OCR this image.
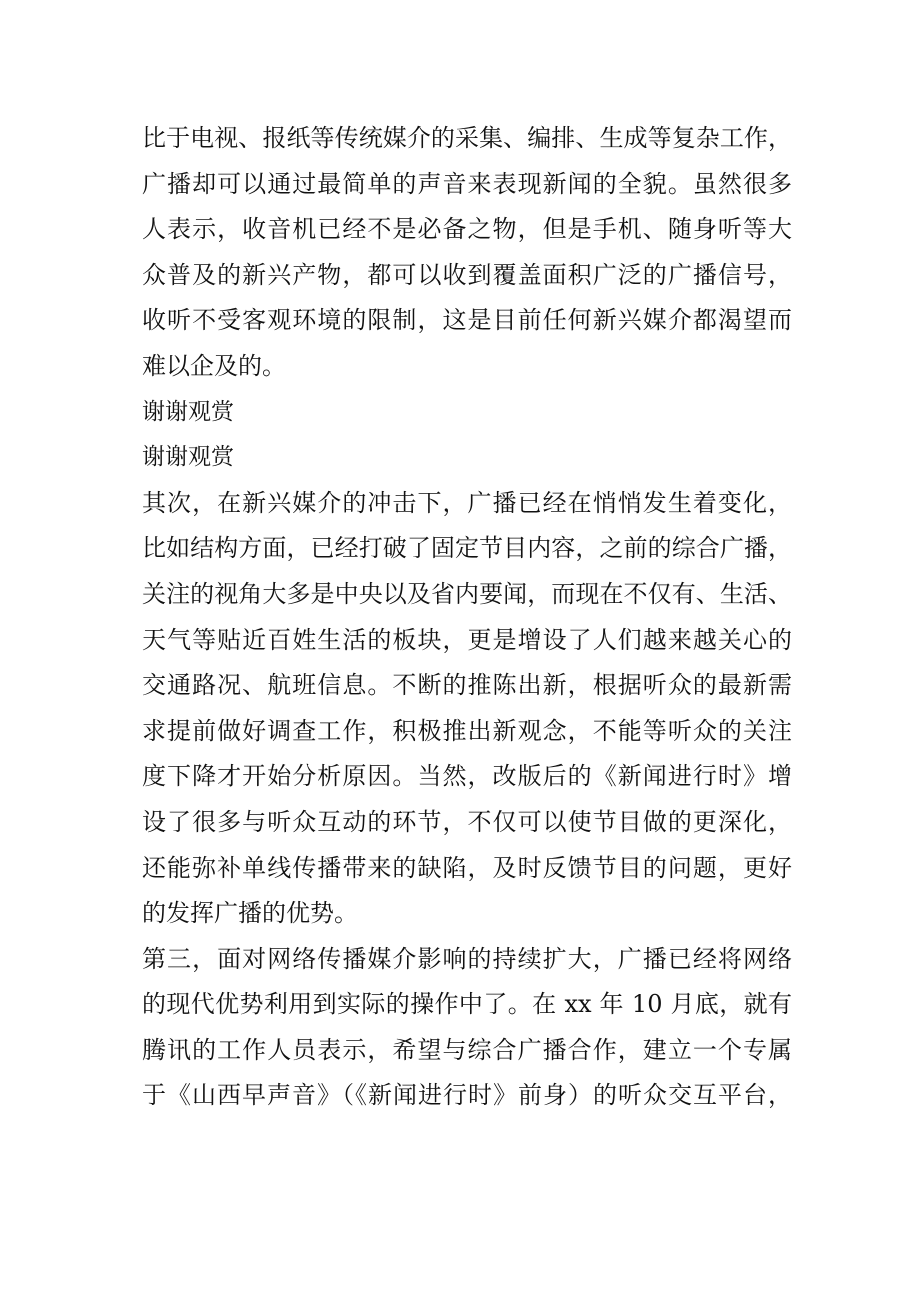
比于电视、报纸等传统媒介的采集、编排、生成等复杂工作，
广播却可以通过最简单的声音来表现新闻的全貌。虽然很多
人表示，收音机已经不是必备之物，但是手机、随身听等大
众普及的新兴产物，都可以收到覆盖面积广泛的广播信号，
收听不受客观环境的限制，这是目前任何新兴媒介都渴望而
难以企及的。
谢谢观赏
谢谢观赏
其次，在新兴媒介的冲击下，广播已经在悄悄发生着变化，
比如结构方面，已经打破了固定节目内容，之前的综合广播，
关注的视角大多是中央以及省内要闻，而现在不仅有、生活、
天气等贴近百姓生活的板块，更是增设了人们越来越关心的
交通路况、航班信息。不断的推陈出新，根据听众的最新需
求提前做好调查工作，积极推出新观念，不能等听众的关注
度下降才开始分析原因。当然，改版后的《新闻进行时》增
设了很多与听众互动的环节，不仅可以使节目做的更深化，
还能弥补单线传播带来的缺陷，及时反馈节目的问题，更好
的发挥广播的优势。
第三，面对网络传播媒介影响的持续扩大，广播已经将网络
的现代优势利用到实际的操作中了。在 xx 年 10 月底，就有
腾讯的工作人员表示，希望与综合广播合作，建立一个专属
于《山西早声音》（《新闻进行时》前身）的听众交互平台，
